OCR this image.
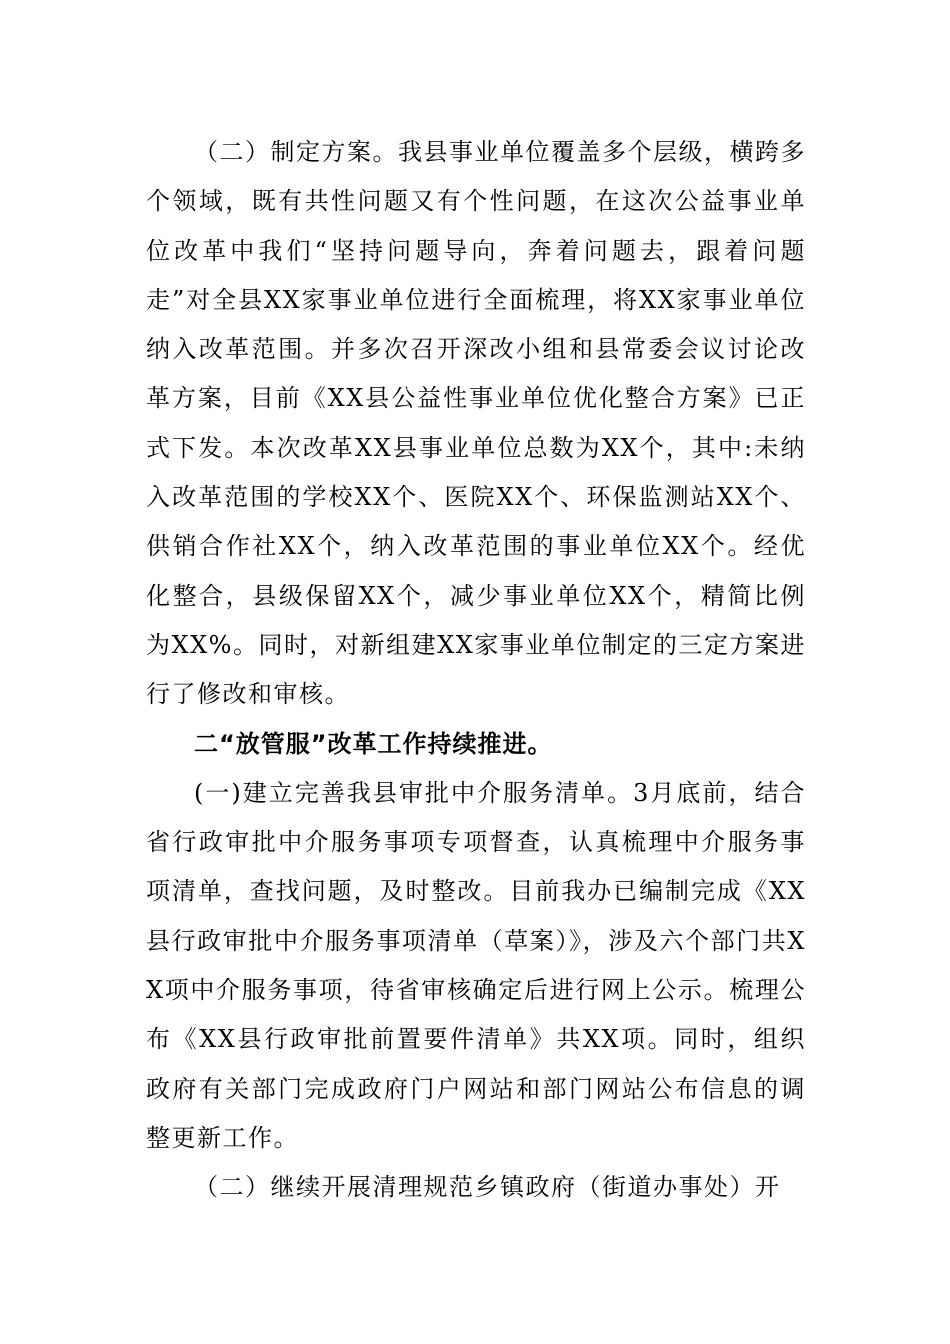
（二）制定方案。我县事业单位覆盖多个层级，横跨多个领域，既有共性问题又有个性问题，在这次公益事业单位改革中我们“坚持问题导向，奔着问题去，跟着问题走”对全县XX家事业单位进行全面梳理，将XX家事业单位纳入改革范围。并多次召开深改小组和县常委会议讨论改革方案，目前《XX县公益性事业单位优化整合方案》已正式下发。本次改革XX县事业单位总数为XX个，其中:未纳入改革范围的学校XX个、医院XX个、环保监测站XX个、供销合作社XX个，纳入改革范围的事业单位XX个。经优化整合，县级保留XX个，减少事业单位XX个，精简比例为XX%。同时，对新组建XX家事业单位制定的三定方案进行了修改和审核。

二“放管服”改革工作持续推进。

(一)建立完善我县审批中介服务清单。3月底前，结合省行政审批中介服务事项专项督查，认真梳理中介服务事项清单，查找问题，及时整改。目前我办已编制完成《XX县行政审批中介服务事项清单（草案）》，涉及六个部门共XX项中介服务事项，待省审核确定后进行网上公示。梳理公布《XX县行政审批前置要件清单》共XX项。同时，组织政府有关部门完成政府门户网站和部门网站公布信息的调整更新工作。

（二）继续开展清理规范乡镇政府（街道办事处）开
